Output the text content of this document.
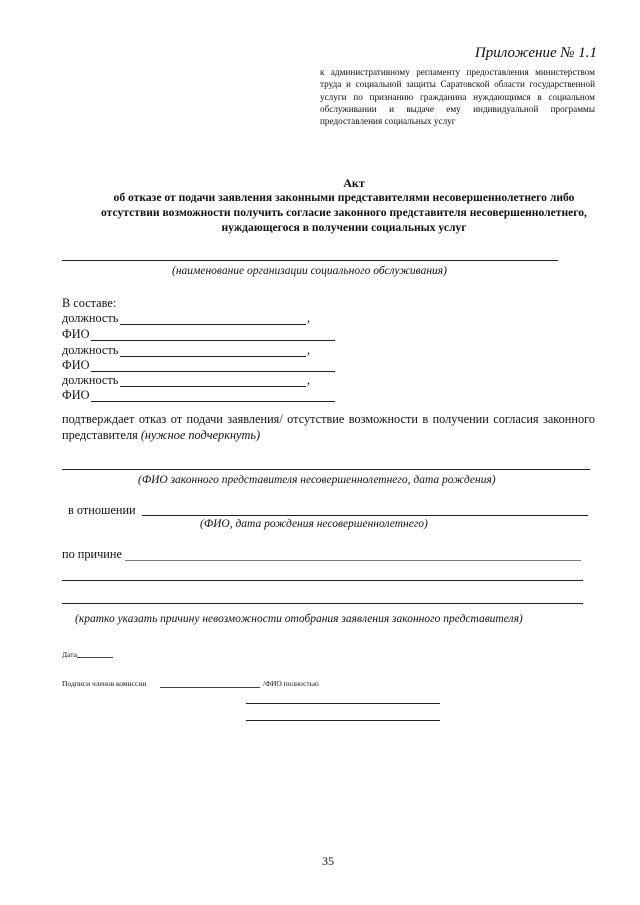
Приложение № 1.1
к административному регламенту предоставления министерством труда и социальной защиты Саратовской области государственной услуги по признанию гражданина нуждающимся в социальном обслуживании и выдаче ему индивидуальной программы предоставления социальных услуг
Акт
об отказе от подачи заявления законными представителями несовершеннолетнего либо отсутствии возможности получить согласие законного представителя несовершеннолетнего, нуждающегося в получении социальных услуг
(наименование организации социального обслуживания)
В составе:
должность	,
ФИО
должность	,
ФИО
должность	,
ФИО
подтверждает отказ от подачи заявления/ отсутствие возможности в получении согласия законного представителя (нужное подчеркнуть)
(ФИО законного представителя несовершеннолетнего, дата рождения)
в отношении
(ФИО, дата рождения несовершеннолетнего)
по причине
(кратко указать причину невозможности отобрания заявления законного представителя)
Дата
Подписи членов комиссии	/ФИО полностью
35
